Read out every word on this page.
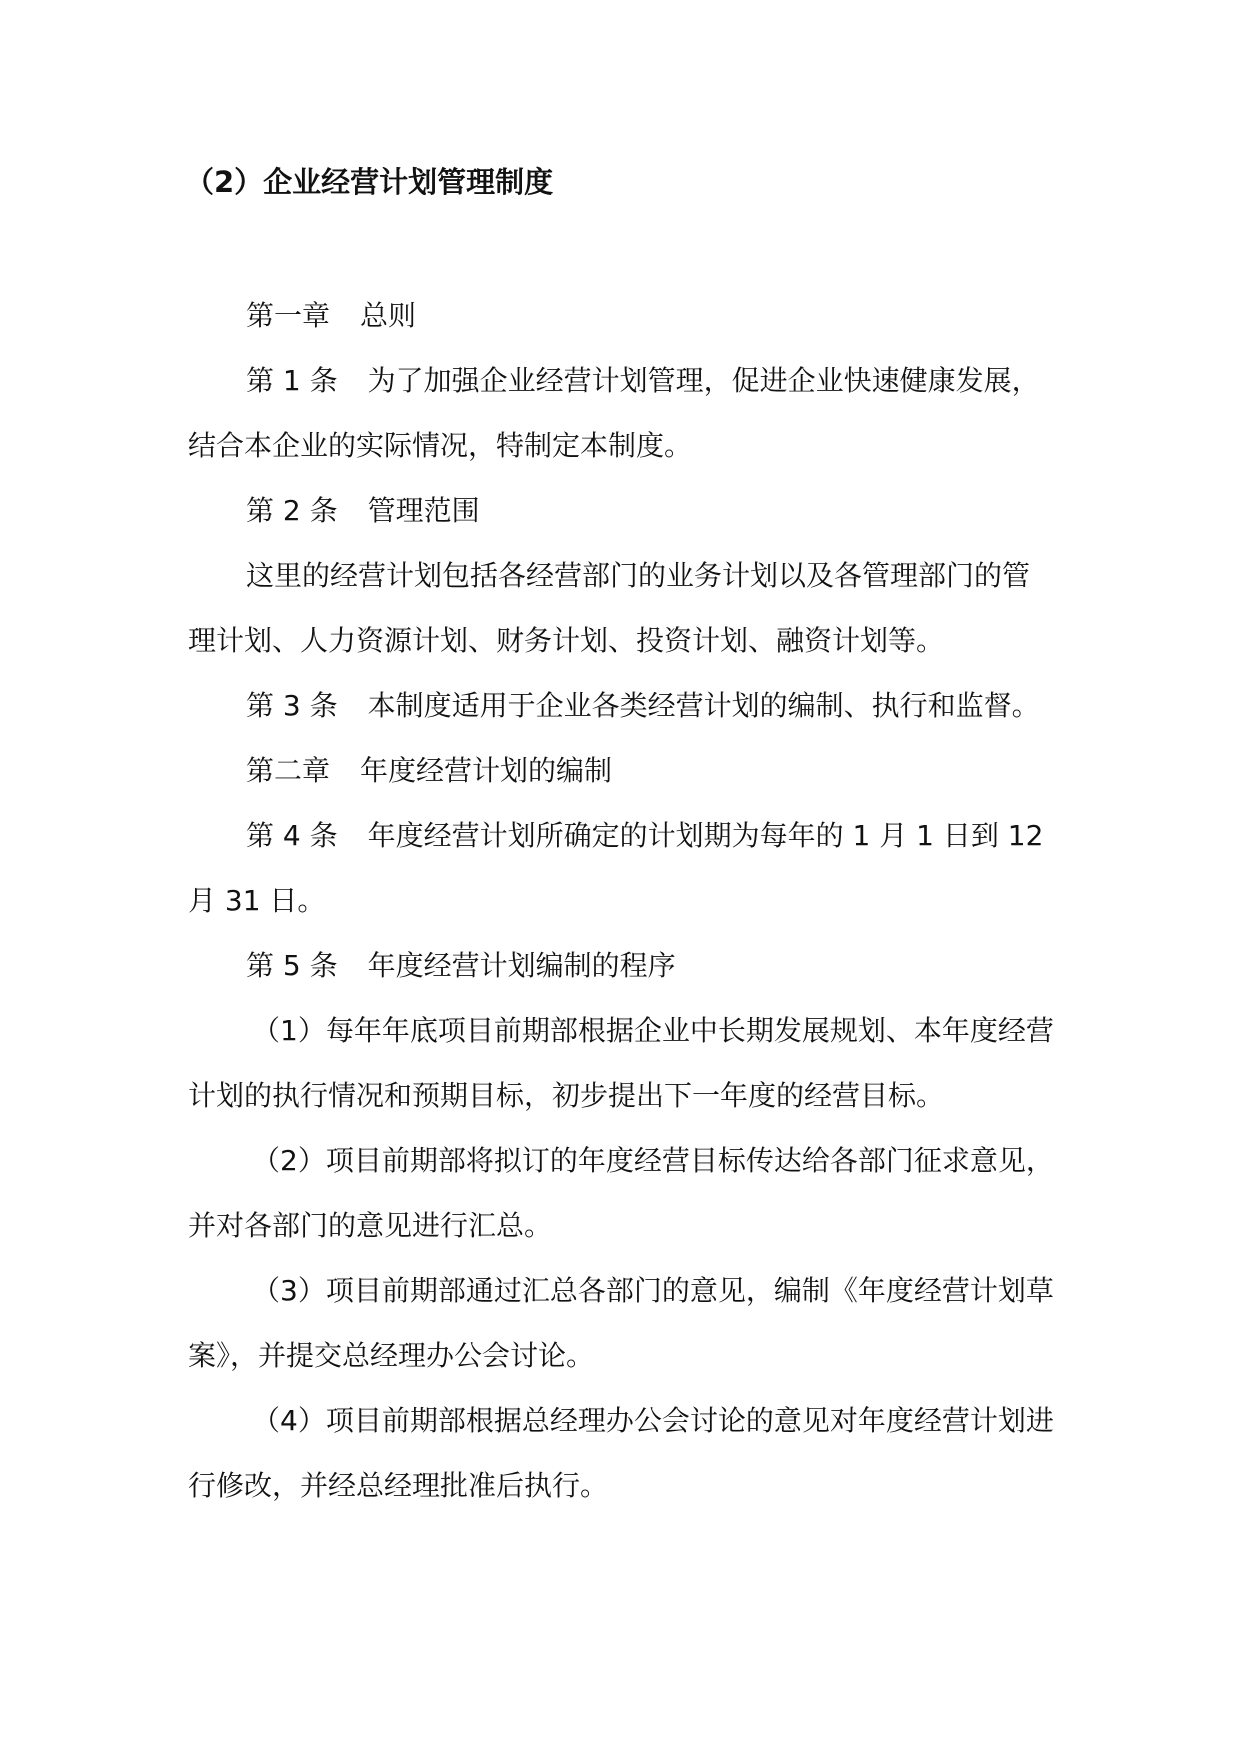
（2）企业经营计划管理制度

第一章 总则

第 1 条 为了加强企业经营计划管理，促进企业快速健康发展，结合本企业的实际情况，特制定本制度。

第 2 条 管理范围

这里的经营计划包括各经营部门的业务计划以及各管理部门的管理计划、人力资源计划、财务计划、投资计划、融资计划等。

第 3 条 本制度适用于企业各类经营计划的编制、执行和监督。

第二章 年度经营计划的编制

第 4 条 年度经营计划所确定的计划期为每年的 1 月 1 日到 12 月 31 日。

第 5 条 年度经营计划编制的程序

（1）每年年底项目前期部根据企业中长期发展规划、本年度经营计划的执行情况和预期目标，初步提出下一年度的经营目标。

（2）项目前期部将拟订的年度经营目标传达给各部门征求意见，并对各部门的意见进行汇总。

（3）项目前期部通过汇总各部门的意见，编制《年度经营计划草案》，并提交总经理办公会讨论。

（4）项目前期部根据总经理办公会讨论的意见对年度经营计划进行修改，并经总经理批准后执行。
